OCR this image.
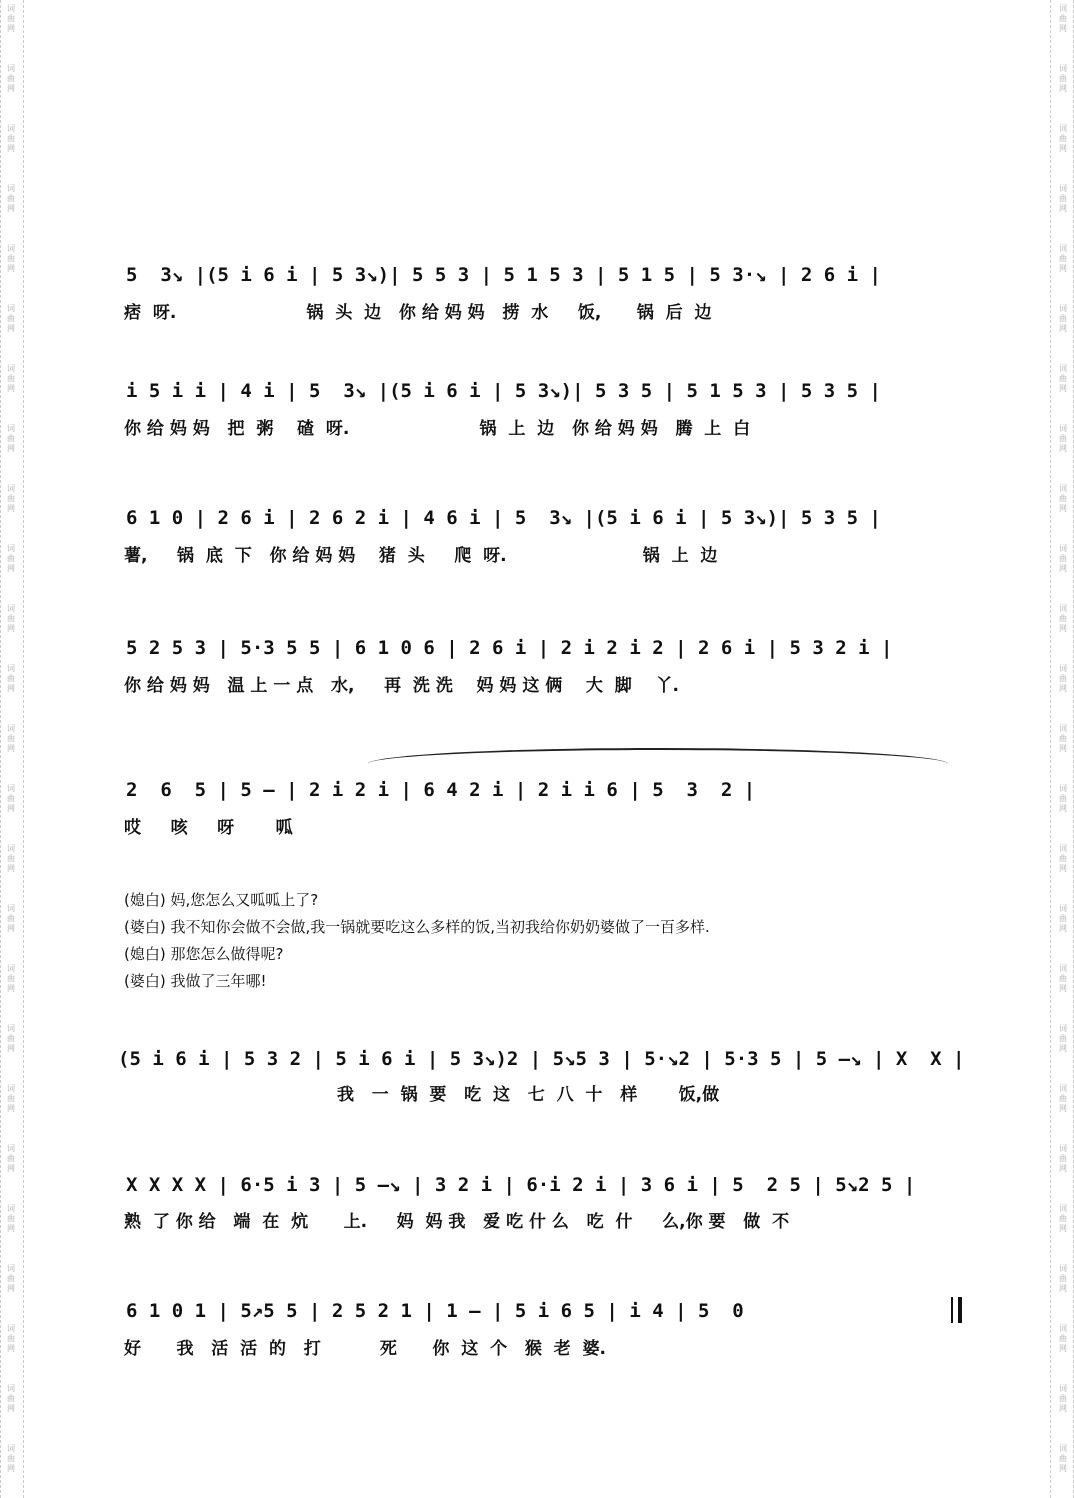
词
曲
网
词
曲
网
词
曲
网
词
曲
网
词
曲
网
词
曲
网
词
曲
网
词
曲
网
词
曲
网
词
曲
网
词
曲
网
词
曲
网
词
曲
网
词
曲
网
词
曲
网
词
曲
网
词
曲
网
词
曲
网
词
曲
网
词
曲
网
词
曲
网
词
曲
网
词
曲
网
词
曲
网
词
曲
网
词
曲
网
词
曲
网
词
曲
网
词
曲
网
词
曲
网
词
曲
网
词
曲
网
词
曲
网
词
曲
网
词
曲
网
词
曲
网
词
曲
网
词
曲
网
词
曲
网
词
曲
网
词
曲
网
词
曲
网
词
曲
网
词
曲
网
词
曲
网
词
曲
网
词
曲
网
词
曲
网
词
曲
网
词
曲
网
5  3↘ |(5 i 6 i | 5 3↘)| 5 5 3 | 5 1 5 3 | 5 1 5 | 5 3·↘ | 2 6 i |
痞  呀.                      锅  头  边   你 给 妈 妈   捞  水     饭,      锅  后  边
i 5 i i | 4 i | 5  3↘ |(5 i 6 i | 5 3↘)| 5 3 5 | 5 1 5 3 | 5 3 5 |
你 给 妈 妈   把  粥    碴  呀.                      锅  上  边   你 给 妈 妈   腾  上  白
6 1 0 | 2 6 i | 2 6 2 i | 4 6 i | 5  3↘ |(5 i 6 i | 5 3↘)| 5 3 5 |
薯,     锅  底  下   你 给 妈 妈    猪  头     爬  呀.                       锅  上  边
5 2 5 3 | 5·3 5 5 | 6 1 0 6 | 2 6 i | 2 i 2 i 2 | 2 6 i | 5 3 2 i |
你 给 妈 妈   温 上 一 点   水,     再  洗 洗    妈 妈 这 俩    大  脚    丫.
2  6  5 | 5 — | 2 i 2 i | 6 4 2 i | 2 i i 6 | 5  3  2 |
哎     咳     呀       呱
(媳白) 妈,您怎么又呱呱上了?
(婆白) 我不知你会做不会做,我一锅就要吃这么多样的饭,当初我给你奶奶婆做了一百多样.
(媳白) 那您怎么做得呢?
(婆白) 我做了三年哪!
(5 i 6 i | 5 3 2 | 5 i 6 i | 5 3↘)2 | 5↘5 3 | 5·↘2 | 5·3 5 | 5 —↘ | X  X |
我   一  锅  要   吃  这   七  八  十   样       饭,做
X X X X | 6·5 i 3 | 5 —↘ | 3 2 i | 6·i 2 i | 3 6 i | 5  2 5 | 5↘2 5 |
熟  了 你 给   端  在  炕      上.     妈  妈 我   爱 吃 什 么   吃  什     么,你 要   做  不
6 1 0 1 | 5↗5 5 | 2 5 2 1 | 1 — | 5 i 6 5 | i 4 | 5  0
好      我   活  活  的   打          死      你  这  个   猴  老  婆.
